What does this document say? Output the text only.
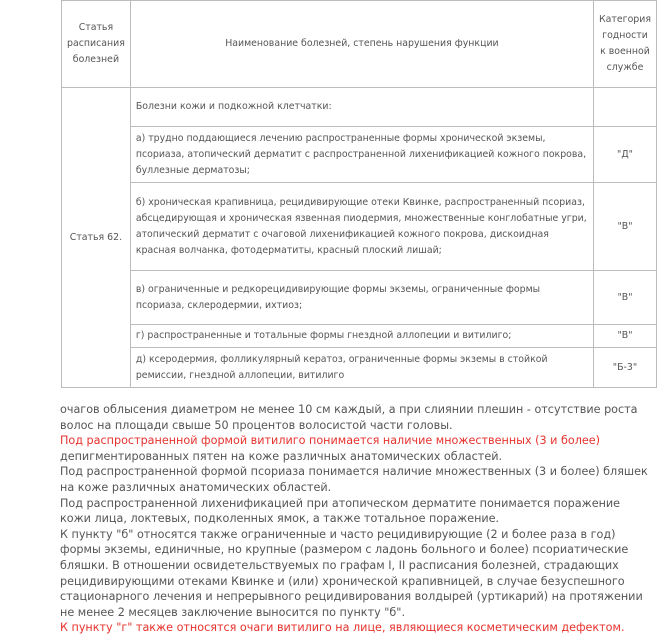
Статья расписания болезней	Наименование болезней, степень нарушения функции	Категория годности к военной службе
Статья 62.	Болезни кожи и подкожной клетчатки:	
	а) трудно поддающиеся лечению распространенные формы хронической экземы, псориаза, атопический дерматит с распространенной лихенификацией кожного покрова, буллезные дерматозы;	"Д"
	б) хроническая крапивница, рецидивирующие отеки Квинке, распространенный псориаз, абсцедирующая и хроническая язвенная пиодермия, множественные конглобатные угри, атопический дерматит с очаговой лихенификацией кожного покрова, дискоидная красная волчанка, фотодерматиты, красный плоский лишай;	"В"
	в) ограниченные и редкорецидивирующие формы экземы, ограниченные формы псориаза, склеродермии, ихтиоз;	"В"
	г) распространенные и тотальные формы гнездной аллопеции и витилиго;	"В"
	д) ксеродермия, фолликулярный кератоз, ограниченные формы экземы в стойкой ремиссии, гнездной аллопеции, витилиго	"Б-3"

очагов облысения диаметром не менее 10 см каждый, а при слиянии плешин - отсутствие роста волос на площади свыше 50 процентов волосистой части головы.

Под распространенной формой витилиго понимается наличие множественных (3 и более)
депигментированных пятен на коже различных анатомических областей.

Под распространенной формой псориаза понимается наличие множественных (3 и более) бляшек на коже различных анатомических областей.

Под распространенной лихенификацией при атопическом дерматите понимается поражение кожи лица, локтевых, подколенных ямок, а также тотальное поражение.

К пункту "б" относятся также ограниченные и часто рецидивирующие (2 и более раза в год) формы экземы, единичные, но крупные (размером с ладонь больного и более) псориатические бляшки. В отношении освидетельствуемых по графам I, II расписания болезней, страдающих рецидивирующими отеками Квинке и (или) хронической крапивницей, в случае безуспешного стационарного лечения и непрерывного рецидивирования волдырей (уртикарий) на протяжении не менее 2 месяцев заключение выносится по пункту "б".

К пункту "г" также относятся очаги витилиго на лице, являющиеся косметическим дефектом.
